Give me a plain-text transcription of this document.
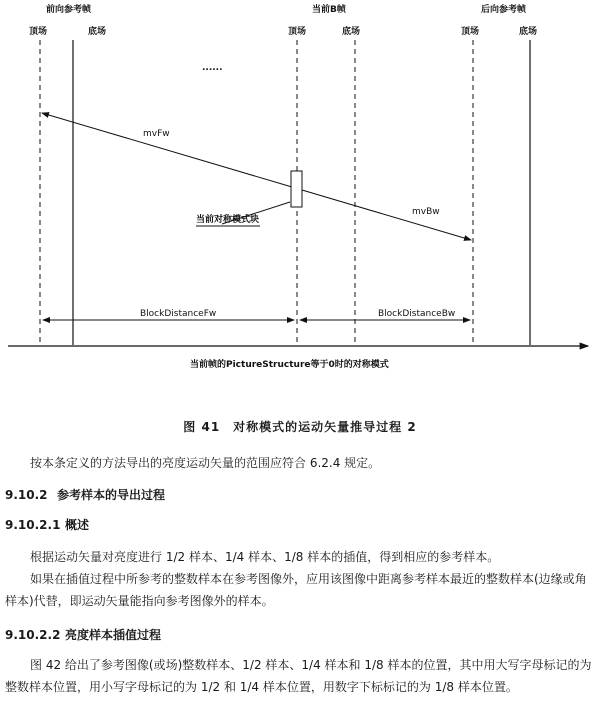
前向参考帧	当前B帧	后向参考帧
顶场	底场	顶场	底场	顶场	底场
......
mvFw
mvBw
当前对称模式块
BlockDistanceFw	BlockDistanceBw
当前帧的PictureStructure等于0时的对称模式
图 41　对称模式的运动矢量推导过程 2
按本条定义的方法导出的亮度运动矢量的范围应符合 6.2.4 规定。
9.10.2 参考样本的导出过程
9.10.2.1 概述
根据运动矢量对亮度进行 1/2 样本、1/4 样本、1/8 样本的插值，得到相应的参考样本。
如果在插值过程中所参考的整数样本在参考图像外，应用该图像中距离参考样本最近的整数样本(边缘或角样本)代替，即运动矢量能指向参考图像外的样本。
9.10.2.2 亮度样本插值过程
图 42 给出了参考图像(或场)整数样本、1/2 样本、1/4 样本和 1/8 样本的位置，其中用大写字母标记的为整数样本位置，用小写字母标记的为 1/2 和 1/4 样本位置，用数字下标标记的为 1/8 样本位置。
